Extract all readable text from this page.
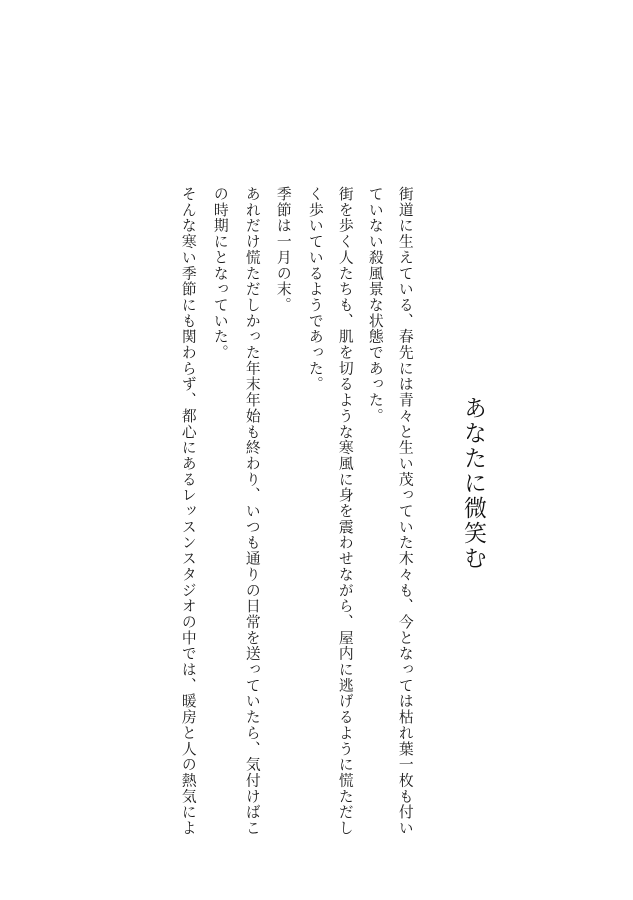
あなたに微笑む
街道に生えている、春先には青々と生い茂っていた木々も、今となっては枯れ葉一枚も付い
ていない殺風景な状態であった。
街を歩く人たちも、肌を切るような寒風に身を震わせながら、屋内に逃げるように慌ただし
く歩いているようであった。
季節は一月の末。
あれだけ慌ただしかった年末年始も終わり、いつも通りの日常を送っていたら、気付けばこ
の時期にとなっていた。
そんな寒い季節にも関わらず、都心にあるレッスンスタジオの中では、暖房と人の熱気によ
